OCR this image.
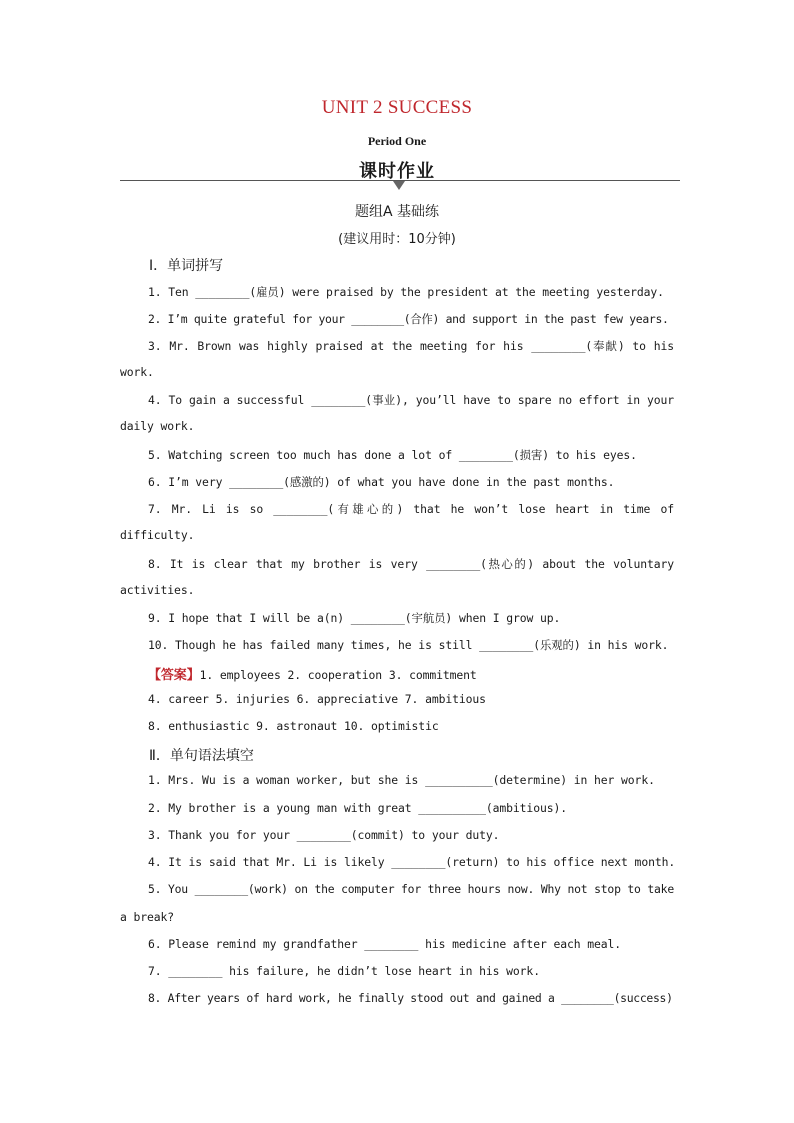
UNIT 2 SUCCESS
Period One
课时作业
题组A 基础练
(建议用时：10分钟)
Ⅰ．单词拼写
1. Ten ________(雇员) were praised by the president at the meeting yesterday.
2. I’m quite grateful for your ________(合作) and support in the past few years.
3. Mr. Brown was highly praised at the meeting for his ________(奉献) to his
work.
4. To gain a successful ________(事业), you’ll have to spare no effort in your
daily work.
5. Watching screen too much has done a lot of ________(损害) to his eyes.
6. I’m very ________(感激的) of what you have done in the past months.
7. Mr. Li is so ________(有雄心的) that he won’t lose heart in time of
difficulty.
8. It is clear that my brother is very ________(热心的) about the voluntary
activities.
9. I hope that I will be a(n) ________(宇航员) when I grow up.
10. Though he has failed many times, he is still ________(乐观的) in his work.
【答案】1. employees 2. cooperation 3. commitment
4. career 5. injuries 6. appreciative 7. ambitious
8. enthusiastic 9. astronaut 10. optimistic
Ⅱ．单句语法填空
1. Mrs. Wu is a woman worker, but she is __________(determine) in her work.
2. My brother is a young man with great __________(ambitious).
3. Thank you for your ________(commit) to your duty.
4. It is said that Mr. Li is likely ________(return) to his office next month.
5. You ________(work) on the computer for three hours now. Why not stop to take
a break?
6. Please remind my grandfather ________ his medicine after each meal.
7. ________ his failure, he didn’t lose heart in his work.
8. After years of hard work, he finally stood out and gained a ________(success)
